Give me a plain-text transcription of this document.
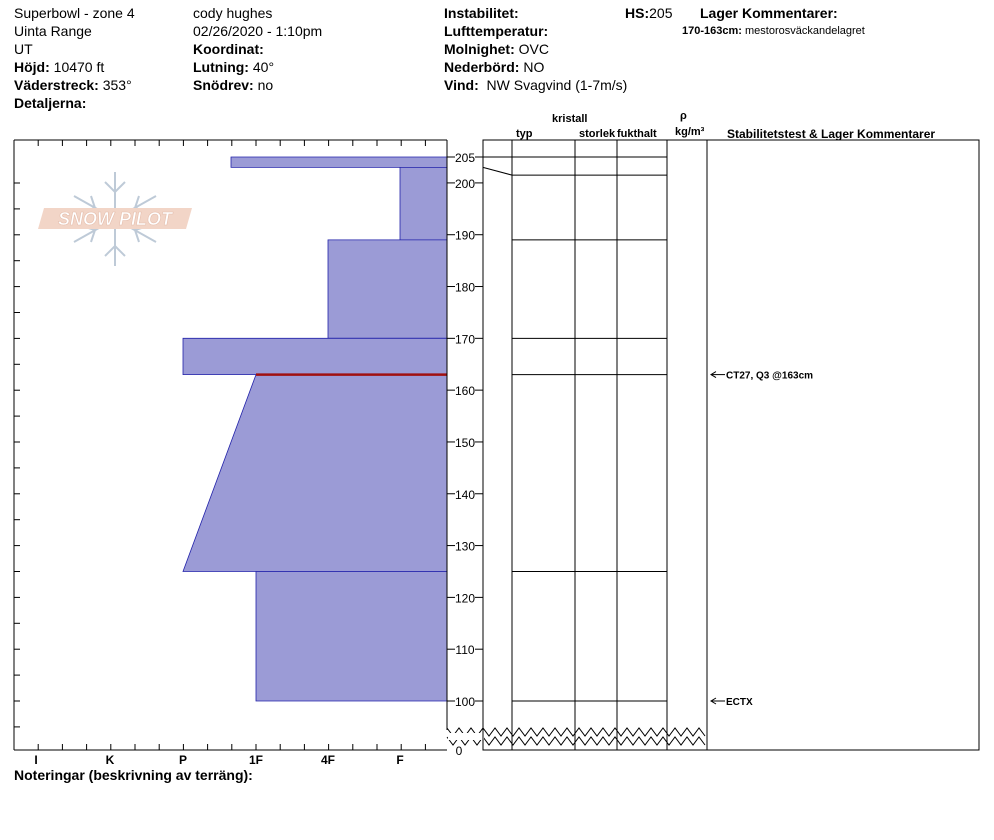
Superbowl - zone 4
Uinta Range
UT
Höjd: 10470 ft
Väderstreck: 353°
Detaljerna:
cody hughes
02/26/2020 - 1:10pm
Koordinat:
Lutning: 40°
Snödrev: no
Instabilitet:
Lufttemperatur:
Molnighet: OVC
Nederbörd: NO
Vind: NW Svagvind (1-7m/s)
HS:205 Lager Kommentarer:
170-163cm: mestorosväckandelagret
kristall
typ	storlek fukthalt
ρ
kg/m³ Stabilitetstest & Lager Kommentarer
SNOW PILOT
I	K	P	1F	4F	F
205
200
190
180
170
160
150
140
130
120
110
100
0
CT27, Q3 @163cm
ECTX
Noteringar (beskrivning av terräng):
